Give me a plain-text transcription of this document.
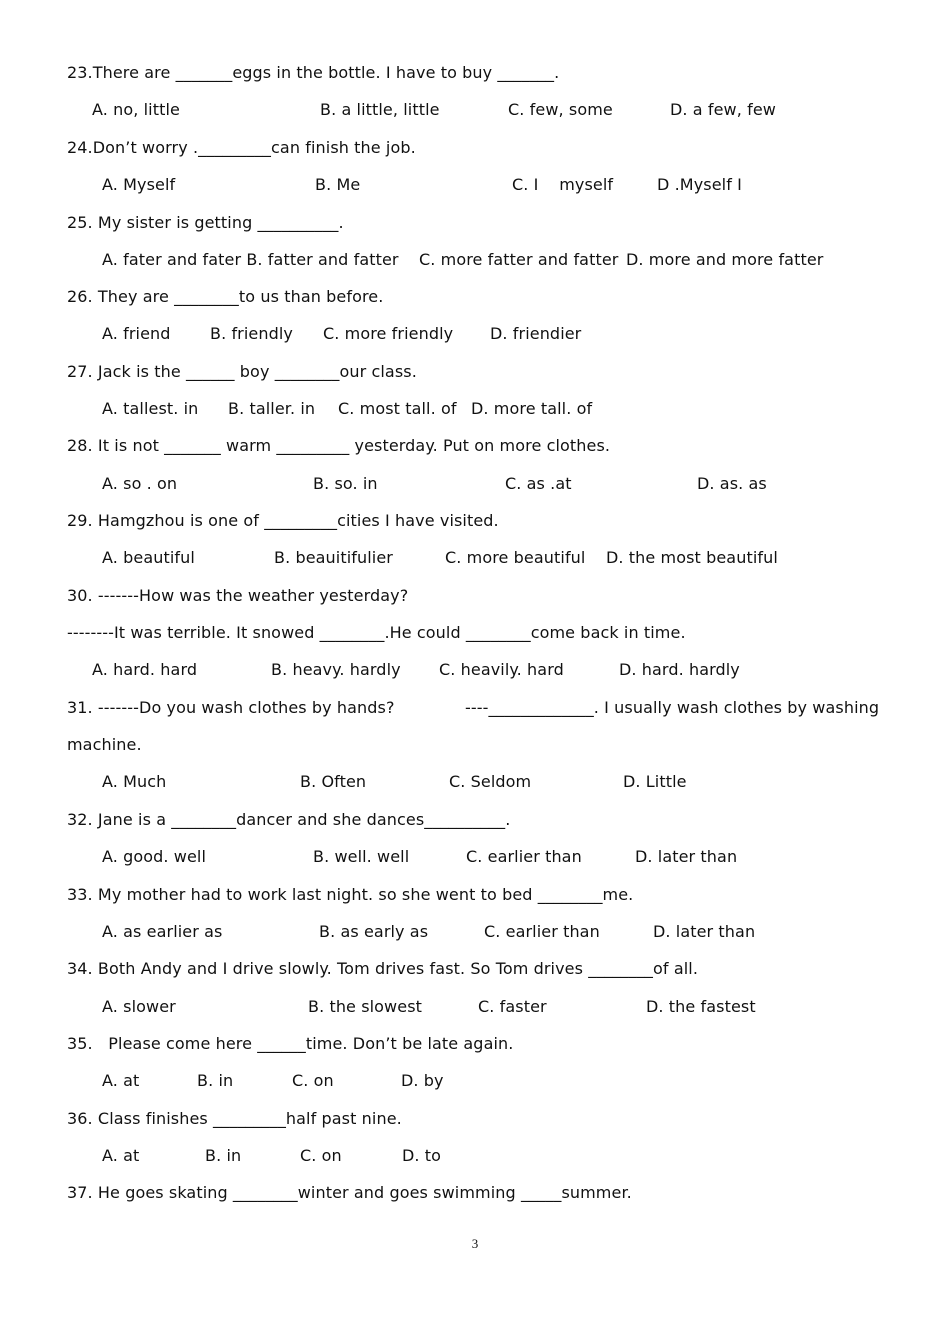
23.There are _______eggs in the bottle. I have to buy _______.
A. no, little	B. a little, little	C. few, some	D. a few, few
24.Don’t worry ._________can finish the job.
A. Myself	B. Me	C. I    myself	D .Myself I
25. My sister is getting __________.
A. fater and fater B. fatter and fatter C. more fatter and fatter D. more and more fatter
26. They are ________to us than before.
A. friend B. friendly C. more friendly D. friendier
27. Jack is the ______ boy ________our class.
A. tallest. in B. taller. in C. most tall. of D. more tall. of
28. It is not _______ warm _________ yesterday. Put on more clothes.
A. so . on	B. so. in	C. as .at	D. as. as
29. Hamgzhou is one of _________cities I have visited.
A. beautiful	B. beauitifulier	C. more beautiful D. the most beautiful
30. -------How was the weather yesterday?
--------It was terrible. It snowed ________.He could ________come back in time.
A. hard. hard	B. heavy. hardly C. heavily. hard	D. hard. hardly
31. -------Do you wash clothes by hands?	----_____________. I usually wash clothes by washing
machine.
A. Much	B. Often	C. Seldom	D. Little
32. Jane is a ________dancer and she dances__________.
A. good. well	B. well. well	C. earlier than	D. later than
33. My mother had to work last night. so she went to bed ________me.
A. as earlier as	B. as early as	C. earlier than	D. later than
34. Both Andy and I drive slowly. Tom drives fast. So Tom drives ________of all.
A. slower	B. the slowest	C. faster	D. the fastest
35.   Please come here ______time. Don’t be late again.
A. at	B. in	C. on	D. by
36. Class finishes _________half past nine.
A. at	B. in	C. on	D. to
37. He goes skating ________winter and goes swimming _____summer.
3
